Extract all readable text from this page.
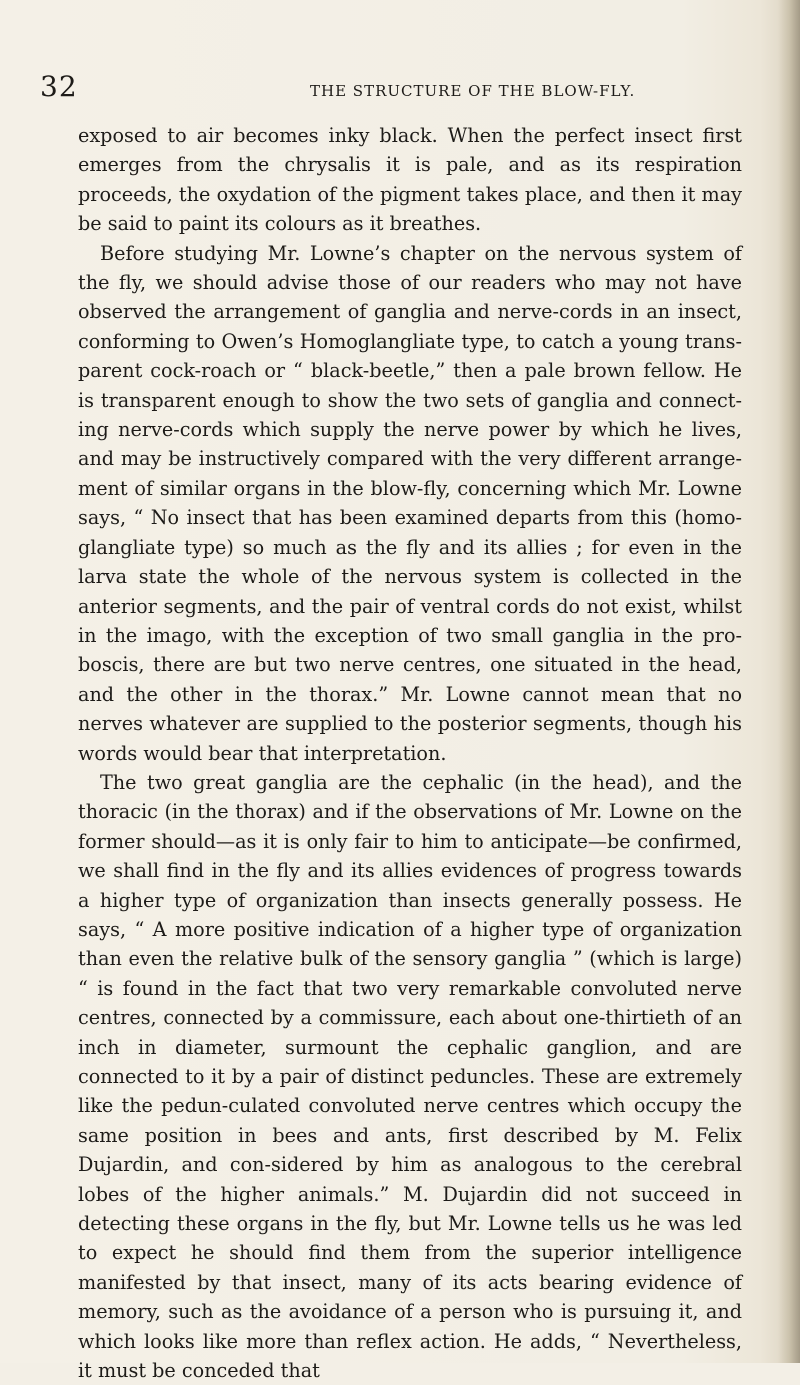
32	THE STRUCTURE OF THE BLOW-FLY.

exposed to air becomes inky black. When the perfect insect first emerges from the chrysalis it is pale, and as its respiration proceeds, the oxydation of the pigment takes place, and then it may be said to paint its colours as it breathes.

Before studying Mr. Lowne’s chapter on the nervous system of the fly, we should advise those of our readers who may not have observed the arrangement of ganglia and nerve-cords in an insect, conforming to Owen’s Homoglangliate type, to catch a young trans-parent cock-roach or “ black-beetle,” then a pale brown fellow. He is transparent enough to show the two sets of ganglia and connect-ing nerve-cords which supply the nerve power by which he lives, and may be instructively compared with the very different arrange-ment of similar organs in the blow-fly, concerning which Mr. Lowne says, “ No insect that has been examined departs from this (homo-glangliate type) so much as the fly and its allies ; for even in the larva state the whole of the nervous system is collected in the anterior segments, and the pair of ventral cords do not exist, whilst in the imago, with the exception of two small ganglia in the pro-boscis, there are but two nerve centres, one situated in the head, and the other in the thorax.” Mr. Lowne cannot mean that no nerves whatever are supplied to the posterior segments, though his words would bear that interpretation.

The two great ganglia are the cephalic (in the head), and the thoracic (in the thorax) and if the observations of Mr. Lowne on the former should—as it is only fair to him to anticipate—be confirmed, we shall find in the fly and its allies evidences of progress towards a higher type of organization than insects generally possess. He says, “ A more positive indication of a higher type of organization than even the relative bulk of the sensory ganglia ” (which is large) “ is found in the fact that two very remarkable convoluted nerve centres, connected by a commissure, each about one-thirtieth of an inch in diameter, surmount the cephalic ganglion, and are connected to it by a pair of distinct peduncles. These are extremely like the pedun-culated convoluted nerve centres which occupy the same position in bees and ants, first described by M. Felix Dujardin, and con-sidered by him as analogous to the cerebral lobes of the higher animals.” M. Dujardin did not succeed in detecting these organs in the fly, but Mr. Lowne tells us he was led to expect he should find them from the superior intelligence manifested by that insect, many of its acts bearing evidence of memory, such as the avoidance of a person who is pursuing it, and which looks like more than reflex action. He adds, “ Nevertheless, it must be conceded that
